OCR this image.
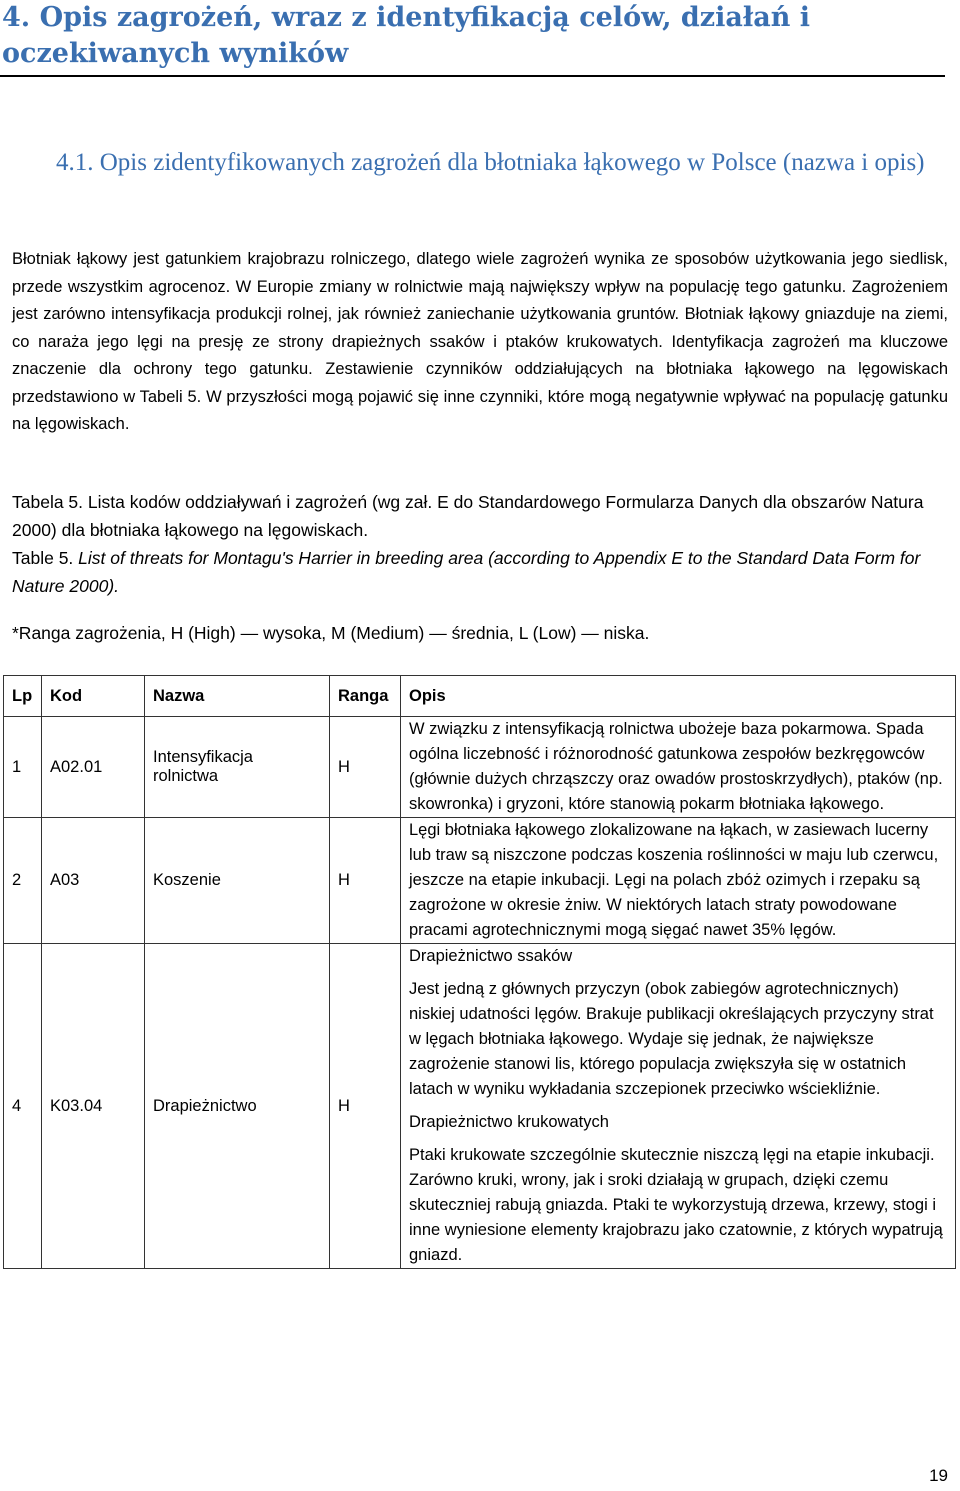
4. Opis zagrożeń, wraz z identyfikacją celów, działań i oczekiwanych wyników
4.1. Opis zidentyfikowanych zagrożeń dla błotniaka łąkowego w Polsce (nazwa i opis)
Błotniak łąkowy jest gatunkiem krajobrazu rolniczego, dlatego wiele zagrożeń wynika ze sposobów użytkowania jego siedlisk, przede wszystkim agrocenoz. W Europie zmiany w rolnictwie mają największy wpływ na populację tego gatunku. Zagrożeniem jest zarówno intensyfikacja produkcji rolnej, jak również zaniechanie użytkowania gruntów. Błotniak łąkowy gniazduje na ziemi, co naraża jego lęgi na presję ze strony drapieżnych ssaków i ptaków krukowatych. Identyfikacja zagrożeń ma kluczowe znaczenie dla ochrony tego gatunku. Zestawienie czynników oddziałujących na błotniaka łąkowego na lęgowiskach przedstawiono w Tabeli 5. W przyszłości mogą pojawić się inne czynniki, które mogą negatywnie wpływać na populację gatunku na lęgowiskach.
Tabela 5. Lista kodów oddziaływań i zagrożeń (wg zał. E do Standardowego Formularza Danych dla obszarów Natura 2000) dla błotniaka łąkowego na lęgowiskach.
Table 5. List of threats for Montagu's Harrier in breeding area (according to Appendix E to the Standard Data Form for Nature 2000).
*Ranga zagrożenia, H (High) — wysoka, M (Medium) — średnia, L (Low) — niska.
Lp	Kod	Nazwa	Ranga	Opis
1	A02.01	Intensyfikacja rolnictwa	H	W związku z intensyfikacją rolnictwa ubożeje baza pokarmowa. Spada ogólna liczebność i różnorodność gatunkowa zespołów bezkręgowców (głównie dużych chrząszczy oraz owadów prostoskrzydłych), ptaków (np. skowronka) i gryzoni, które stanowią pokarm błotniaka łąkowego.

2	A03	Koszenie	H	Lęgi błotniaka łąkowego zlokalizowane na łąkach, w zasiewach lucerny lub traw są niszczone podczas koszenia roślinności w maju lub czerwcu, jeszcze na etapie inkubacji. Lęgi na polach zbóż ozimych i rzepaku są zagrożone w okresie żniw. W niektórych latach straty powodowane pracami agrotechnicznymi mogą sięgać nawet 35% lęgów.

4	K03.04	Drapieżnictwo	H	Drapieżnictwo ssaków

Jest jedną z głównych przyczyn (obok zabiegów agrotechnicznych) niskiej udatności lęgów. Brakuje publikacji określających przyczyny strat w lęgach błotniaka łąkowego. Wydaje się jednak, że największe zagrożenie stanowi lis, którego populacja zwiększyła się w ostatnich latach w wyniku wykładania szczepionek przeciwko wściekliźnie.

Drapieżnictwo krukowatych

Ptaki krukowate szczególnie skutecznie niszczą lęgi na etapie inkubacji. Zarówno kruki, wrony, jak i sroki działają w grupach, dzięki czemu skuteczniej rabują gniazda. Ptaki te wykorzystują drzewa, krzewy, stogi i inne wyniesione elementy krajobrazu jako czatownie, z których wypatrują gniazd.

19
